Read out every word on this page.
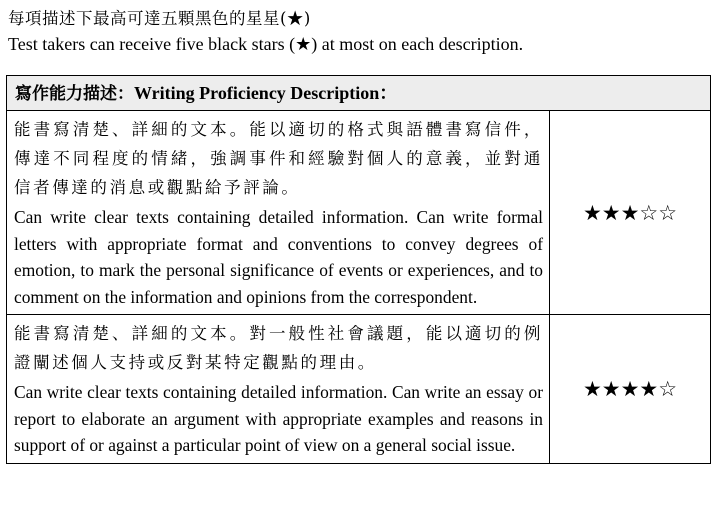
每項描述下最高可達五顆黑色的星星(★)
Test takers can receive five black stars (★) at most on each description.
寫作能力描述：Writing Proficiency Description：	

能書寫清楚、詳細的文本。能以適切的格式與語體書寫信件，傳達不同程度的情緒，強調事件和經驗對個人的意義，並對通信者傳達的消息或觀點給予評論。
Can write clear texts containing detailed information. Can write formal letters with appropriate format and conventions to convey degrees of emotion, to mark the personal significance of events or experiences, and to comment on the information and opinions from the correspondent.	★★★☆☆

能書寫清楚、詳細的文本。對一般性社會議題，能以適切的例證闡述個人支持或反對某特定觀點的理由。
Can write clear texts containing detailed information. Can write an essay or report to elaborate an argument with appropriate examples and reasons in support of or against a particular point of view on a general social issue.	★★★★☆
